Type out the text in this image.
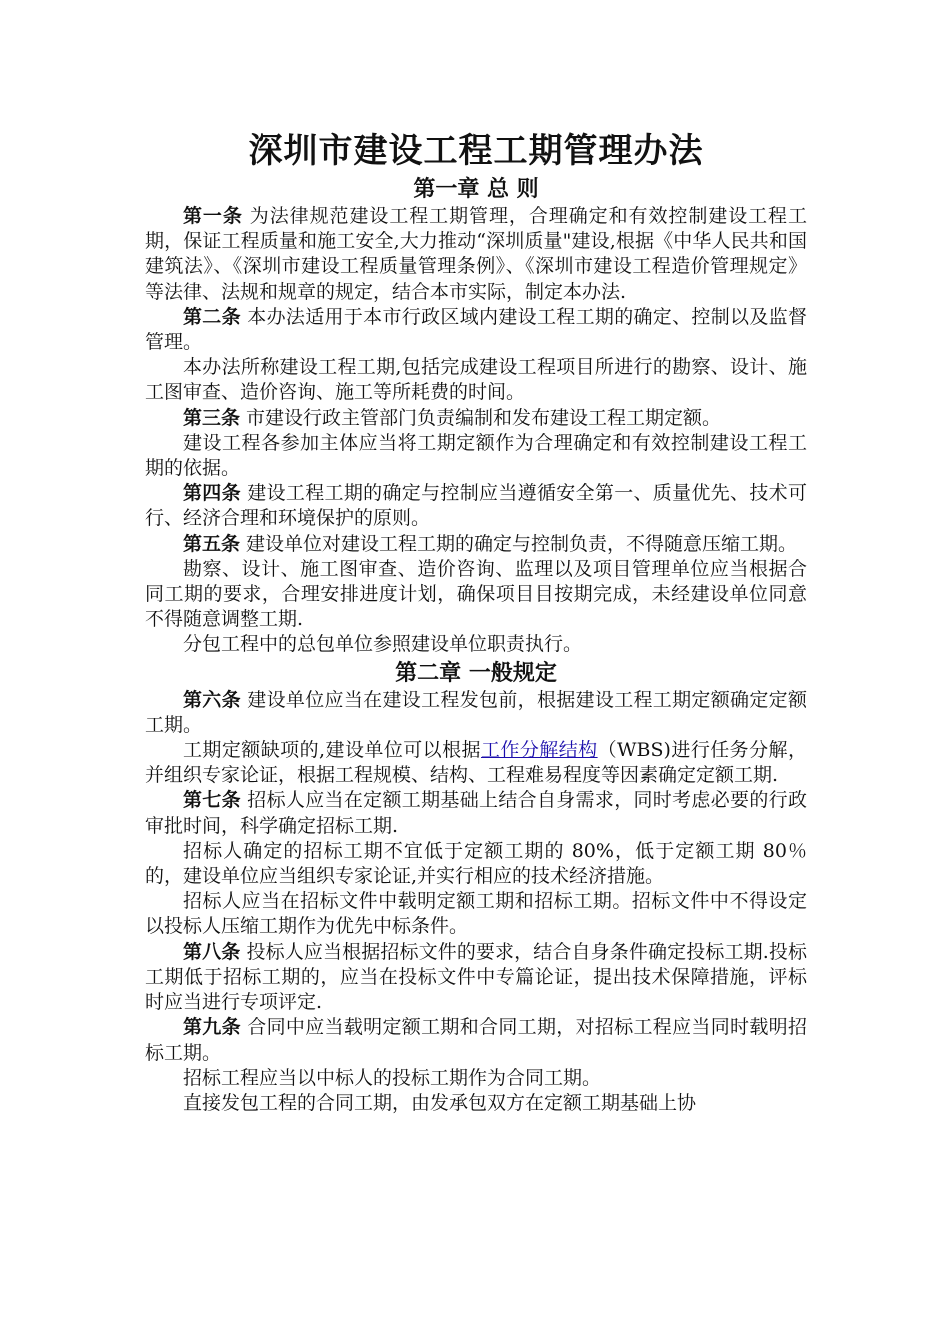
深圳市建设工程工期管理办法
第一章 总 则

第一条 为法律规范建设工程工期管理，合理确定和有效控制建设工程工期，保证工程质量和施工安全,大力推动“深圳质量"建设,根据《中华人民共和国建筑法》、《深圳市建设工程质量管理条例》、《深圳市建设工程造价管理规定》等法律、法规和规章的规定，结合本市实际，制定本办法.

第二条 本办法适用于本市行政区域内建设工程工期的确定、控制以及监督管理。

本办法所称建设工程工期,包括完成建设工程项目所进行的勘察、设计、施工图审查、造价咨询、施工等所耗费的时间。

第三条 市建设行政主管部门负责编制和发布建设工程工期定额。

建设工程各参加主体应当将工期定额作为合理确定和有效控制建设工程工期的依据。

第四条 建设工程工期的确定与控制应当遵循安全第一、质量优先、技术可行、经济合理和环境保护的原则。

第五条 建设单位对建设工程工期的确定与控制负责，不得随意压缩工期。

勘察、设计、施工图审查、造价咨询、监理以及项目管理单位应当根据合同工期的要求，合理安排进度计划，确保项目目按期完成，未经建设单位同意不得随意调整工期.

分包工程中的总包单位参照建设单位职责执行。

第二章 一般规定

第六条 建设单位应当在建设工程发包前，根据建设工程工期定额确定定额工期。

工期定额缺项的,建设单位可以根据工作分解结构（WBS)进行任务分解，并组织专家论证，根据工程规模、结构、工程难易程度等因素确定定额工期.

第七条 招标人应当在定额工期基础上结合自身需求，同时考虑必要的行政审批时间，科学确定招标工期.

招标人确定的招标工期不宜低于定额工期的 80%，低于定额工期 80％的，建设单位应当组织专家论证,并实行相应的技术经济措施。

招标人应当在招标文件中载明定额工期和招标工期。招标文件中不得设定以投标人压缩工期作为优先中标条件。

第八条 投标人应当根据招标文件的要求，结合自身条件确定投标工期.投标工期低于招标工期的，应当在投标文件中专篇论证，提出技术保障措施，评标时应当进行专项评定.

第九条 合同中应当载明定额工期和合同工期，对招标工程应当同时载明招标工期。

招标工程应当以中标人的投标工期作为合同工期。

直接发包工程的合同工期，由发承包双方在定额工期基础上协
